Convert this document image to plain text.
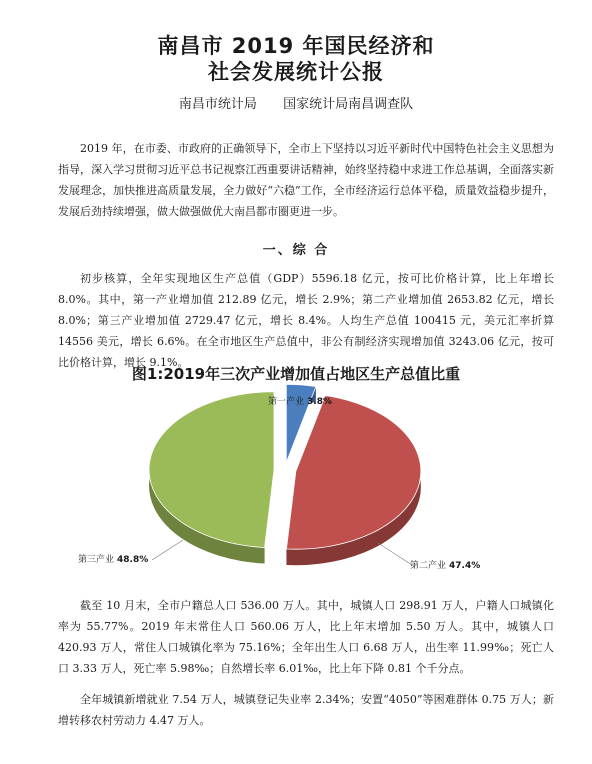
南昌市 2019 年国民经济和
社会发展统计公报
南昌市统计局 国家统计局南昌调查队

2019 年，在市委、市政府的正确领导下，全市上下坚持以习近平新时代中国特色社会主义思想为指导，深入学习贯彻习近平总书记视察江西重要讲话精神，始终坚持稳中求进工作总基调，全面落实新发展理念，加快推进高质量发展，全力做好“六稳”工作，全市经济运行总体平稳，质量效益稳步提升，发展后劲持续增强，做大做强做优大南昌都市圈更进一步。

一、综 合

初步核算，全年实现地区生产总值（GDP）5596.18 亿元，按可比价格计算，比上年增长 8.0%。其中，第一产业增加值 212.89 亿元，增长 2.9%；第二产业增加值 2653.82 亿元，增长 8.0%；第三产业增加值 2729.47 亿元，增长 8.4%。人均生产总值 100415 元，美元汇率折算 14556 美元，增长 6.6%。在全市地区生产总值中，非公有制经济实现增加值 3243.06 亿元，按可比价格计算，增长 9.1%。

图1:2019年三次产业增加值占地区生产总值比重
第一产业 3.8%
第二产业 47.4%
第三产业 48.8%

截至 10 月末，全市户籍总人口 536.00 万人。其中，城镇人口 298.91 万人，户籍人口城镇化率为 55.77%。2019 年末常住人口 560.06 万人，比上年末增加 5.50 万人。其中，城镇人口 420.93 万人，常住人口城镇化率为 75.16%；全年出生人口 6.68 万人，出生率 11.99‰；死亡人口 3.33 万人，死亡率 5.98‰；自然增长率 6.01‰，比上年下降 0.81 个千分点。

全年城镇新增就业 7.54 万人，城镇登记失业率 2.34%；安置“4050”等困难群体 0.75 万人；新增转移农村劳动力 4.47 万人。
